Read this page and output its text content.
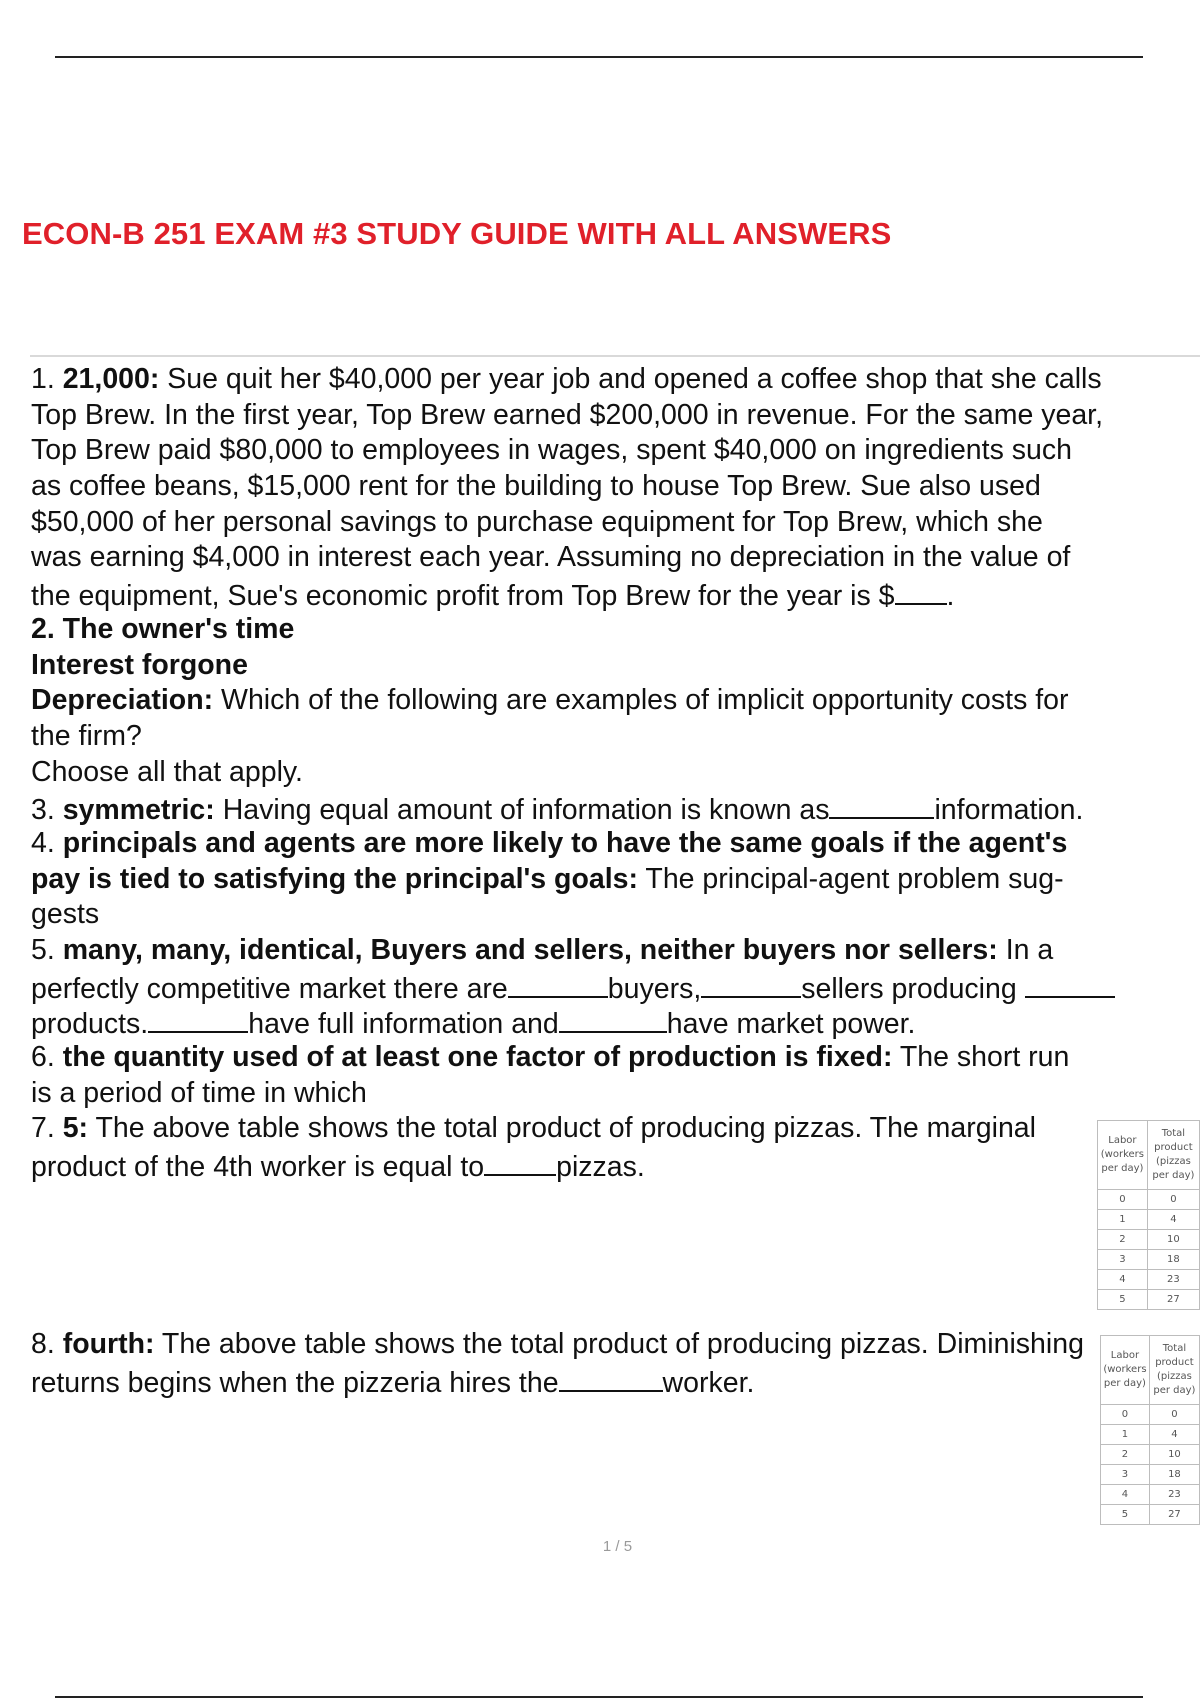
ECON-B 251 EXAM #3 STUDY GUIDE WITH ALL ANSWERS
1. 21,000: Sue quit her $40,000 per year job and opened a coffee shop that she calls
Top Brew. In the first year, Top Brew earned $200,000 in revenue. For the same year,
Top Brew paid $80,000 to employees in wages, spent $40,000 on ingredients such
as coffee beans, $15,000 rent for the building to house Top Brew. Sue also used
$50,000 of her personal savings to purchase equipment for Top Brew, which she
was earning $4,000 in interest each year. Assuming no depreciation in the value of
the equipment, Sue's economic profit from Top Brew for the year is $ .
2. The owner's time
Interest forgone
Depreciation: Which of the following are examples of implicit opportunity costs for
the firm?
Choose all that apply.
3. symmetric: Having equal amount of information is known as	information.
4. principals and agents are more likely to have the same goals if the agent's
pay is tied to satisfying the principal's goals: The principal-agent problem sug-
gests
5. many, many, identical, Buyers and sellers, neither buyers nor sellers: In a
perfectly competitive market there are	buyers,	sellers producing
products.	have full information and	have market power.
6. the quantity used of at least one factor of production is fixed: The short run
is a period of time in which
7. 5: The above table shows the total product of producing pizzas. The marginal
product of the 4th worker is equal to	pizzas.
8. fourth: The above table shows the total product of producing pizzas. Diminishing
returns begins when the pizzeria hires the	worker.
Labor
(workers
per day)	Total
product
(pizzas
per day)
0	0
1	4
2	10
3	18
4	23
5	27
Labor
(workers
per day)	Total
product
(pizzas
per day)
0	0
1	4
2	10
3	18
4	23
5	27
1 / 5
